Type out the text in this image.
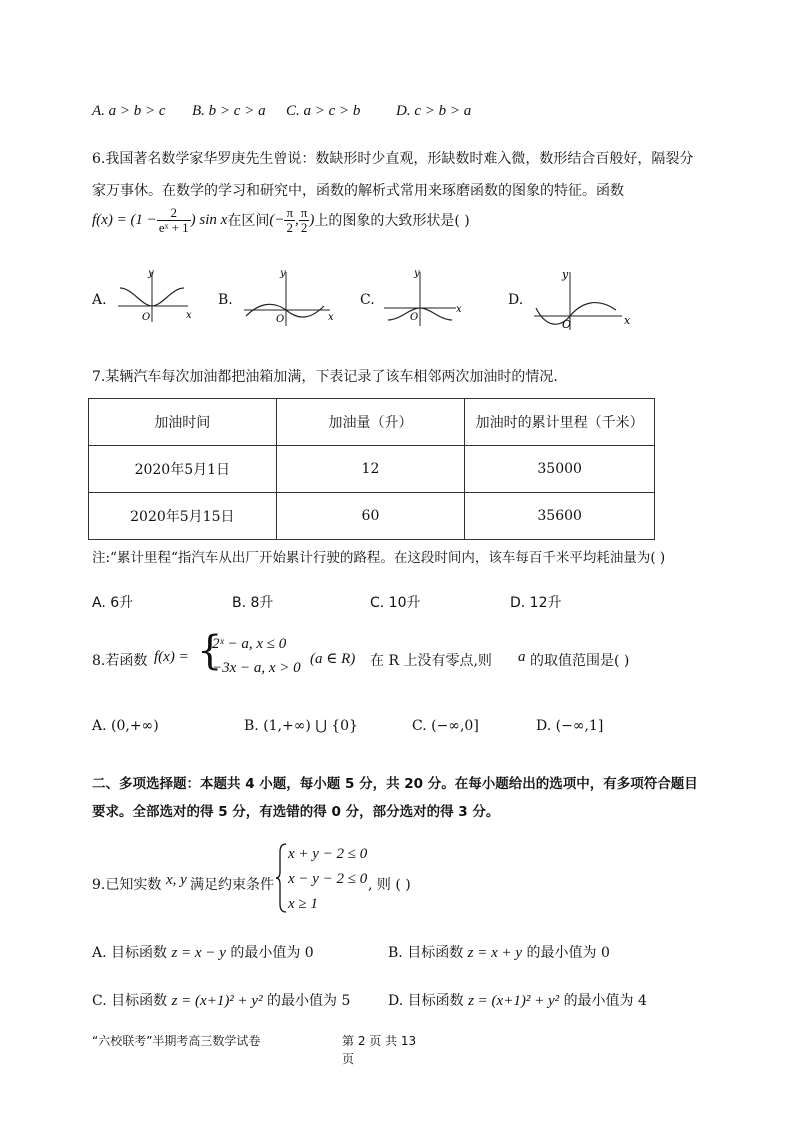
A. a > b > c B. b > c > a C. a > c > b D. c > b > a
6.我国著名数学家华罗庚先生曾说：数缺形时少直观，形缺数时难入微，数形结合百般好，隔裂分
家万事休。在数学的学习和研究中，函数的解析式常用来琢磨函数的图象的特征。函数
$f(x) = (1 - \frac{2}{\text{eˣ + 1}}$ ) sin x 在区间 (− $\frac{\pi}{2}$ , $\frac{\pi}{2}$ ) 上的图象的大致形状是( )
A.	B.	C.	D.
y
x
O
y
x
O
y
x
O
y
x
O
7.某辆汽车每次加油都把油箱加满，下表记录了该车相邻两次加油时的情况.
加油时间	加油量（升）	加油时的累计里程（千米）
2020年5月1日	12	35000
2020年5月15日	60	35600
注:“累计里程“指汽车从出厂开始累计行驶的路程。在这段时间内，该车每百千米平均耗油量为( )
A. 6升	B. 8升	C. 10升	D. 12升
8.若函数 f(x) = {
2ˣ − a, x ≤ 0
−3x − a, x > 0
(a ∈ R) 在 R 上没有零点,则 a 的取值范围是( )
A. (0,+∞)	B. (1,+∞) ⋃ {0}	C. (−∞,0]	D. (−∞,1]
二、多项选择题：本题共 4 小题，每小题 5 分，共 20 分。在每小题给出的选项中，有多项符合题目
要求。全部选对的得 5 分，有选错的得 0 分，部分选对的得 3 分。
9.已知实数 x, y 满足约束条件
x + y − 2 ≤ 0
x − y − 2 ≤ 0
x ≥ 1
, 则 ( )
A. 目标函数 z = x − y 的最小值为 0	B. 目标函数 z = x + y 的最小值为 0
C. 目标函数 z = (x+1)² + y² 的最小值为 5	D. 目标函数 z = (x+1)² + y² 的最小值为 4
“六校联考”半期考高三数学试卷	第 2 页 共 13
页
